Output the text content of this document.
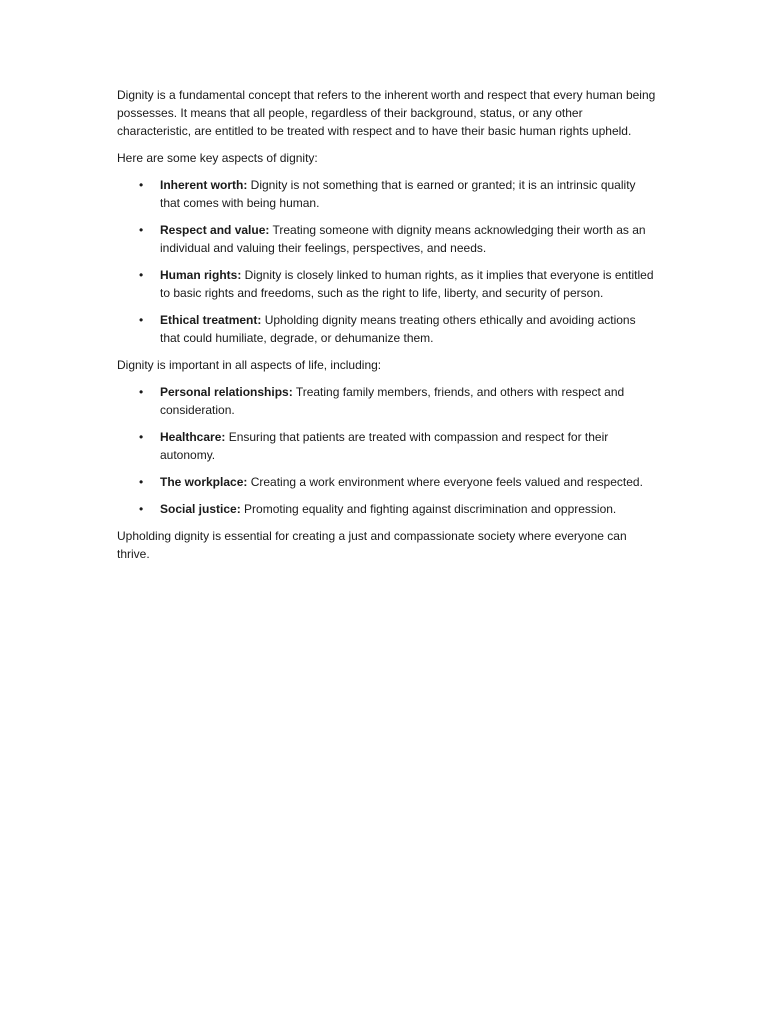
Dignity is a fundamental concept that refers to the inherent worth and respect that every human being possesses. It means that all people, regardless of their background, status, or any other characteristic, are entitled to be treated with respect and to have their basic human rights upheld.

Here are some key aspects of dignity:

• Inherent worth: Dignity is not something that is earned or granted; it is an intrinsic quality that comes with being human.
• Respect and value: Treating someone with dignity means acknowledging their worth as an individual and valuing their feelings, perspectives, and needs.
• Human rights: Dignity is closely linked to human rights, as it implies that everyone is entitled to basic rights and freedoms, such as the right to life, liberty, and security of person.
• Ethical treatment: Upholding dignity means treating others ethically and avoiding actions that could humiliate, degrade, or dehumanize them.

Dignity is important in all aspects of life, including:

• Personal relationships: Treating family members, friends, and others with respect and consideration.
• Healthcare: Ensuring that patients are treated with compassion and respect for their autonomy.
• The workplace: Creating a work environment where everyone feels valued and respected.
• Social justice: Promoting equality and fighting against discrimination and oppression.

Upholding dignity is essential for creating a just and compassionate society where everyone can thrive.
